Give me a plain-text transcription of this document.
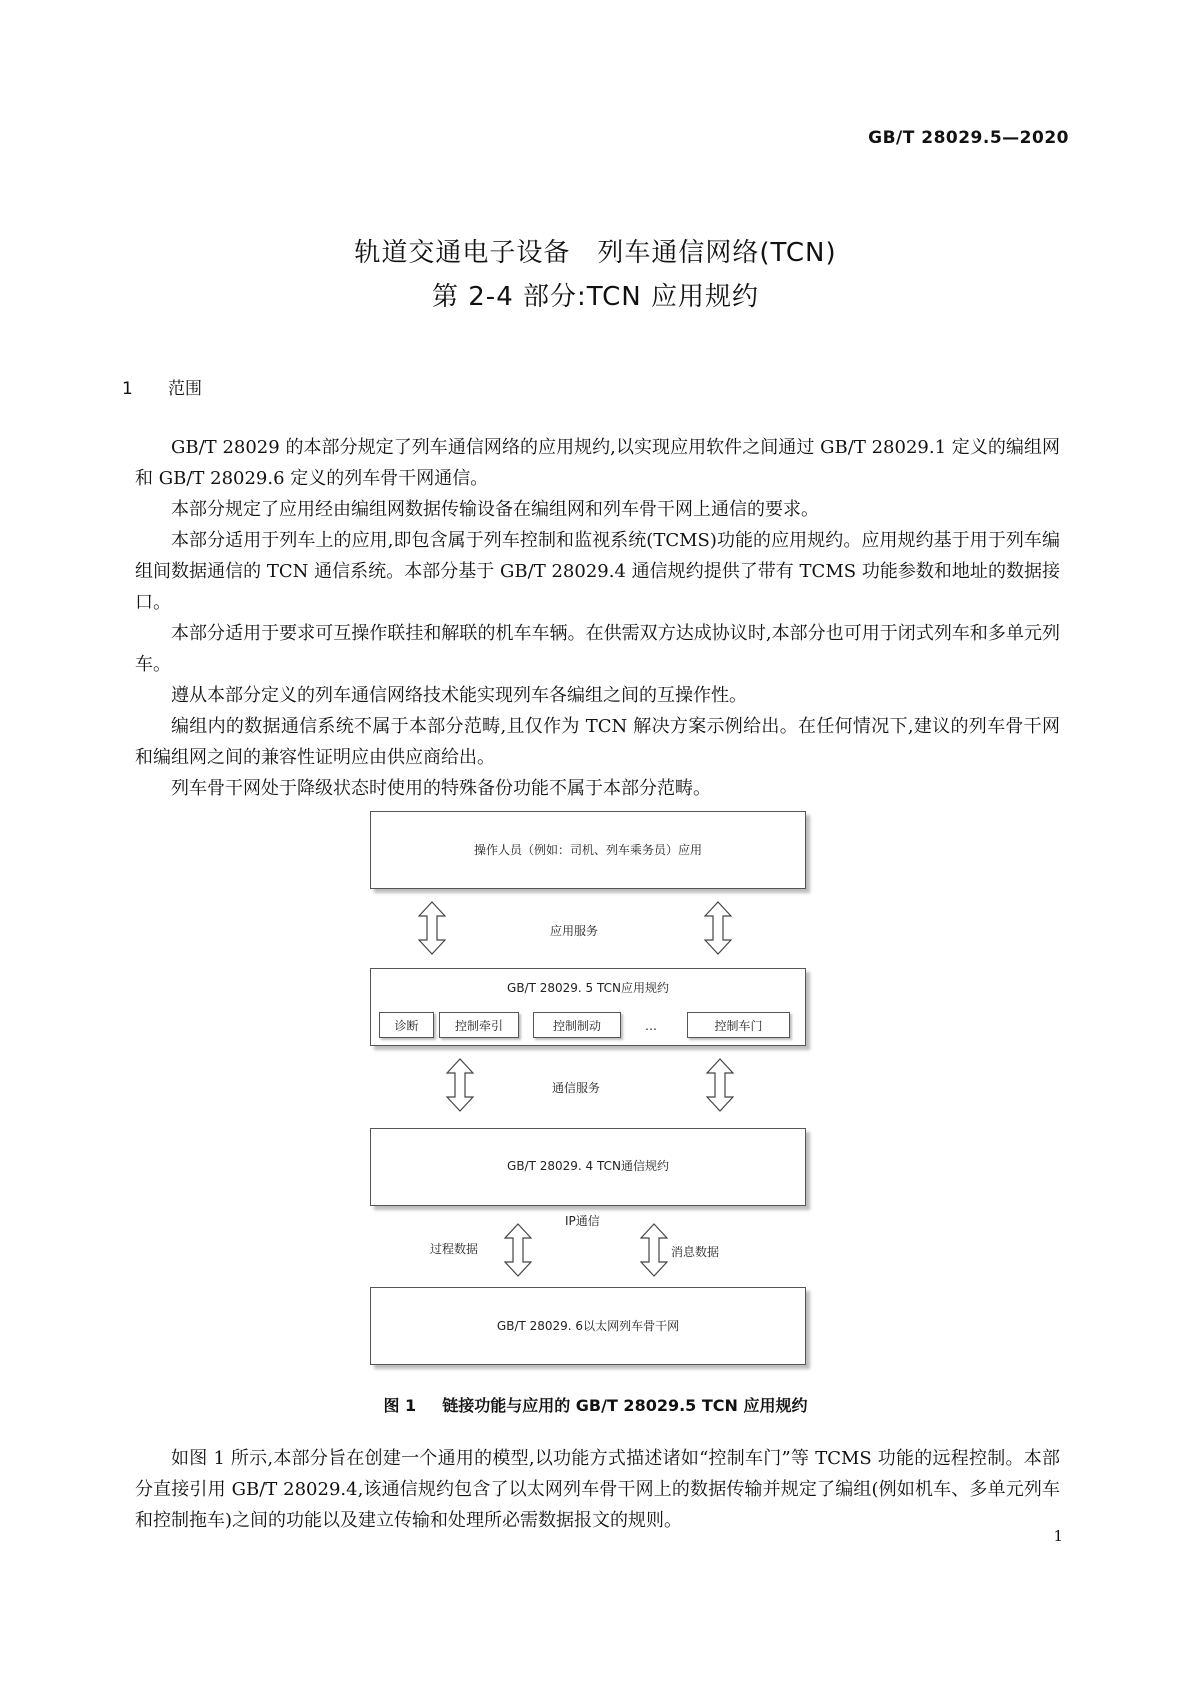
GB/T 28029.5—2020
轨道交通电子设备　列车通信网络(TCN)
第 2-4 部分:TCN 应用规约
1 范围

GB/T 28029 的本部分规定了列车通信网络的应用规约,以实现应用软件之间通过 GB/T 28029.1 定义的编组网和 GB/T 28029.6 定义的列车骨干网通信。

本部分规定了应用经由编组网数据传输设备在编组网和列车骨干网上通信的要求。

本部分适用于列车上的应用,即包含属于列车控制和监视系统(TCMS)功能的应用规约。应用规约基于用于列车编组间数据通信的 TCN 通信系统。本部分基于 GB/T 28029.4 通信规约提供了带有 TCMS 功能参数和地址的数据接口。

本部分适用于要求可互操作联挂和解联的机车车辆。在供需双方达成协议时,本部分也可用于闭式列车和多单元列车。

遵从本部分定义的列车通信网络技术能实现列车各编组之间的互操作性。

编组内的数据通信系统不属于本部分范畴,且仅作为 TCN 解决方案示例给出。在任何情况下,建议的列车骨干网和编组网之间的兼容性证明应由供应商给出。

列车骨干网处于降级状态时使用的特殊备份功能不属于本部分范畴。

操作人员（例如：司机、列车乘务员）应用
应用服务
GB/T 28029. 5 TCN应用规约
诊断	控制牵引	控制制动	…	控制车门
通信服务
GB/T 28029. 4 TCN通信规约
IP通信
过程数据	消息数据
GB/T 28029. 6以太网列车骨干网
图 1 链接功能与应用的 GB/T 28029.5 TCN 应用规约

如图 1 所示,本部分旨在创建一个通用的模型,以功能方式描述诸如“控制车门”等 TCMS 功能的远程控制。本部分直接引用 GB/T 28029.4,该通信规约包含了以太网列车骨干网上的数据传输并规定了编组(例如机车、多单元列车和控制拖车)之间的功能以及建立传输和处理所必需数据报文的规则。

1
